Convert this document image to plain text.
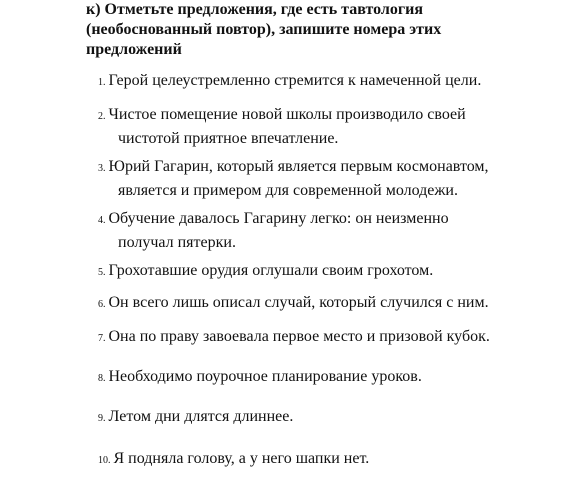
к) Отметьте предложения, где есть тавтология
(необоснованный повтор), запишите номера этих
предложений
1. Герой целеустремленно стремится к намеченной цели.
2. Чистое помещение новой школы производило своей
чистотой приятное впечатление.
3. Юрий Гагарин, который является первым космонавтом,
является и примером для современной молодежи.
4. Обучение давалось Гагарину легко: он неизменно
получал пятерки.
5. Грохотавшие орудия оглушали своим грохотом.
6. Он всего лишь описал случай, который случился с ним.
7. Она по праву завоевала первое место и призовой кубок.
8. Необходимо поурочное планирование уроков.
9. Летом дни длятся длиннее.
10. Я подняла голову, а у него шапки нет.
